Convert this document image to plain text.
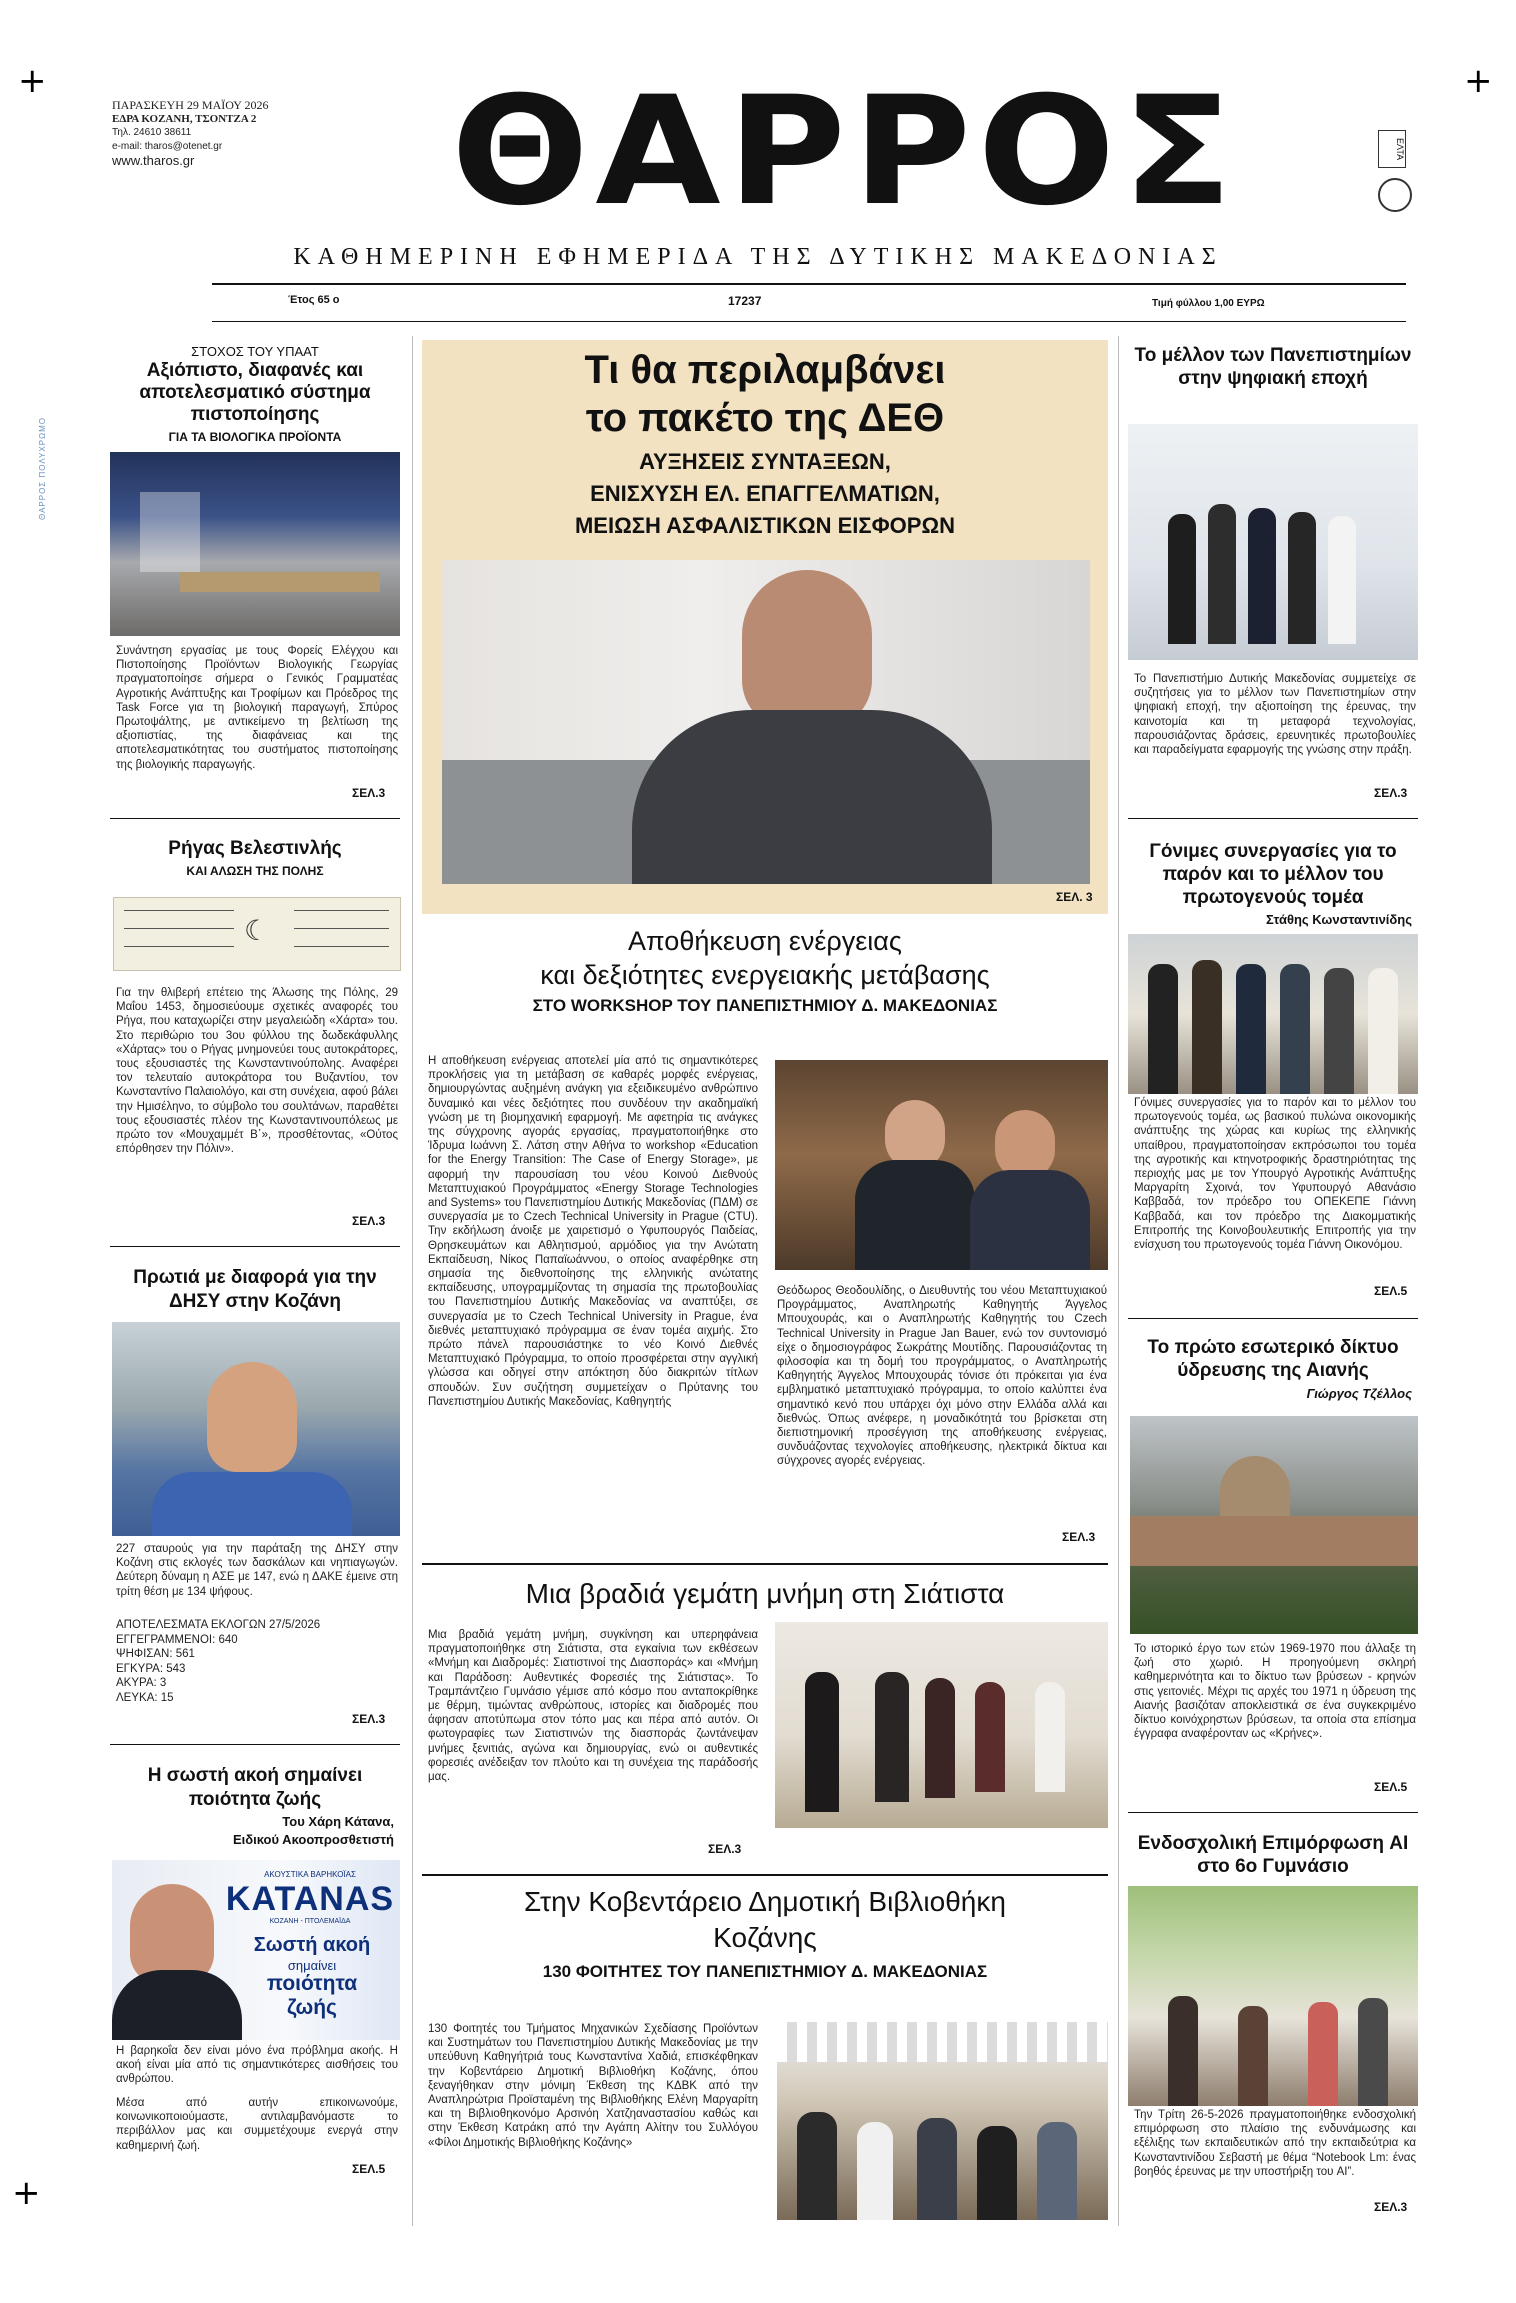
+	+
+
ΘΑΡΡΟΣ ΠΟΛΥΧΡΩΜΟ
ΠΑΡΑΣΚΕΥΗ 29 ΜΑΪΟΥ 2026
ΕΔΡΑ ΚΟΖΑΝΗ, ΤΣΟΝΤΖΑ 2
Τηλ. 24610 38611
e-mail: tharos@otenet.gr
www.tharos.gr	ΘΑΡΡΟΣ	ΕΛΤΑ
ΚΑΘΗΜΕΡΙΝΗ ΕΦΗΜΕΡΙΔΑ ΤΗΣ ΔΥΤΙΚΗΣ ΜΑΚΕΔΟΝΙΑΣ
Έτος 65 ο	17237	Τιμή φύλλου 1,00 ΕΥΡΩ
ΣΤΟΧΟΣ ΤΟΥ ΥΠΑΑΤ
Αξιόπιστο, διαφανές και αποτελεσματικό σύστημα πιστοποίησης
ΓΙΑ ΤΑ ΒΙΟΛΟΓΙΚΑ ΠΡΟΪΟΝΤΑ
Συνάντηση εργασίας με τους Φορείς Ελέγχου και Πιστοποίησης Προϊόντων Βιολογικής Γεωργίας πραγματοποίησε σήμερα ο Γενικός Γραμματέας Αγροτικής Ανάπτυξης και Τροφίμων και Πρόεδρος της Task Force για τη βιολογική παραγωγή, Σπύρος Πρωτοψάλτης, με αντικείμενο τη βελτίωση της αξιοπιστίας, της διαφάνειας και της αποτελεσματικότητας του συστήματος πιστοποίησης της βιολογικής παραγωγής.
ΣΕΛ.3
Ρήγας Βελεστινλής
ΚΑΙ ΑΛΩΣΗ ΤΗΣ ΠΟΛΗΣ
☾
Για την θλιβερή επέτειο της Άλωσης της Πόλης, 29 Μαΐου 1453, δημοσιεύουμε σχετικές αναφορές του Ρήγα, που καταχωρίζει στην μεγαλειώδη «Χάρτα» του. Στο περιθώριο του 3ου φύλλου της δωδεκάφυλλης «Χάρτας» του ο Ρήγας μνημονεύει τους αυτοκράτορες, τους εξουσιαστές της Κωνσταντινούπολης. Αναφέρει τον τελευταίο αυτοκράτορα του Βυζαντίου, τον Κωνσταντίνο Παλαιολόγο, και στη συνέχεια, αφού βάλει την Ημισέληνο, το σύμβολο του σουλτάνων, παραθέτει τους εξουσιαστές πλέον της Κωνσταντινουπόλεως με πρώτο τον «Μουχαμμέτ Β΄», προσθέτοντας, «Ούτος επόρθησεν την Πόλιν».
ΣΕΛ.3
Πρωτιά με διαφορά για την ΔΗΣΥ στην Κοζάνη
227 σταυρούς για την παράταξη της ΔΗΣΥ στην Κοζάνη στις εκλογές των δασκάλων και νηπιαγωγών. Δεύτερη δύναμη η ΑΣΕ με 147, ενώ η ΔΑΚΕ έμεινε στη τρίτη θέση με 134 ψήφους.
ΑΠΟΤΕΛΕΣΜΑΤΑ ΕΚΛΟΓΩΝ 27/5/2026
ΕΓΓΕΓΡΑΜΜΕΝΟΙ: 640
ΨΗΦΙΣΑΝ: 561
ΕΓΚΥΡΑ: 543
ΑΚΥΡΑ: 3
ΛΕΥΚΑ: 15
ΣΕΛ.3
Η σωστή ακοή σημαίνει ποιότητα ζωής
Του Χάρη Κάτανα,
Ειδικού Ακοοπροσθετιστή
ΑΚΟΥΣΤΙΚΑ ΒΑΡΗΚΟΪΑΣ
KATANAS
ΚΟΖΑΝΗ - ΠΤΟΛΕΜΑΪΔΑ
Σωστή ακοή
σημαίνει
ποιότητα
ζωής
Η βαρηκοΐα δεν είναι μόνο ένα πρόβλημα ακοής. Η ακοή είναι μία από τις σημαντικότερες αισθήσεις του ανθρώπου.
Μέσα από αυτήν επικοινωνούμε, κοινωνικοποιούμαστε, αντιλαμβανόμαστε το περιβάλλον μας και συμμετέχουμε ενεργά στην καθημερινή ζωή.
ΣΕΛ.5
Τι θα περιλαμβάνει
το πακέτο της ΔΕΘ
ΑΥΞΗΣΕΙΣ ΣΥΝΤΑΞΕΩΝ,
ΕΝΙΣΧΥΣΗ ΕΛ. ΕΠΑΓΓΕΛΜΑΤΙΩΝ,
ΜΕΙΩΣΗ ΑΣΦΑΛΙΣΤΙΚΩΝ ΕΙΣΦΟΡΩΝ
ΣΕΛ. 3
Αποθήκευση ενέργειας
και δεξιότητες ενεργειακής μετάβασης
ΣΤΟ WORKSHOP ΤΟΥ ΠΑΝΕΠΙΣΤΗΜΙΟΥ Δ. ΜΑΚΕΔΟΝΙΑΣ
Η αποθήκευση ενέργειας αποτελεί μία από τις σημαντικότερες προκλήσεις για τη μετάβαση σε καθαρές μορφές ενέργειας, δημιουργώντας αυξημένη ανάγκη για εξειδικευμένο ανθρώπινο δυναμικό και νέες δεξιότητες που συνδέουν την ακαδημαϊκή γνώση με τη βιομηχανική εφαρμογή. Με αφετηρία τις ανάγκες της σύγχρονης αγοράς εργασίας, πραγματοποιήθηκε στο Ίδρυμα Ιωάννη Σ. Λάτση στην Αθήνα το workshop «Education for the Energy Transition: The Case of Energy Storage», με αφορμή την παρουσίαση του νέου Κοινού Διεθνούς Μεταπτυχιακού Προγράμματος «Energy Storage Technologies and Systems» του Πανεπιστημίου Δυτικής Μακεδονίας (ΠΔΜ) σε συνεργασία με το Czech Technical University in Prague (CTU). Την εκδήλωση άνοιξε με χαιρετισμό ο Υφυπουργός Παιδείας, Θρησκευμάτων και Αθλητισμού, αρμόδιος για την Ανώτατη Εκπαίδευση, Νίκος Παπαϊωάννου, ο οποίος αναφέρθηκε στη σημασία της διεθνοποίησης της ελληνικής ανώτατης εκπαίδευσης, υπογραμμίζοντας τη σημασία της πρωτοβουλίας του Πανεπιστημίου Δυτικής Μακεδονίας να αναπτύξει, σε συνεργασία με το Czech Technical University in Prague, ένα διεθνές μεταπτυχιακό πρόγραμμα σε έναν τομέα αιχμής. Στο πρώτο πάνελ παρουσιάστηκε το νέο Κοινό Διεθνές Μεταπτυχιακό Πρόγραμμα, το οποίο προσφέρεται στην αγγλική γλώσσα και οδηγεί στην απόκτηση δύο διακριτών τίτλων σπουδών. Συν συζήτηση συμμετείχαν ο Πρύτανης του Πανεπιστημίου Δυτικής Μακεδονίας, Καθηγητής
Θεόδωρος Θεοδουλίδης, ο Διευθυντής του νέου Μεταπτυχιακού Προγράμματος, Αναπληρωτής Καθηγητής Άγγελος Μπουχουράς, και ο Αναπληρωτής Καθηγητής του Czech Technical University in Prague Jan Bauer, ενώ τον συντονισμό είχε ο δημοσιογράφος Σωκράτης Μουτίδης. Παρουσιάζοντας τη φιλοσοφία και τη δομή του προγράμματος, ο Αναπληρωτής Καθηγητής Άγγελος Μπουχουράς τόνισε ότι πρόκειται για ένα εμβληματικό μεταπτυχιακό πρόγραμμα, το οποίο καλύπτει ένα σημαντικό κενό που υπάρχει όχι μόνο στην Ελλάδα αλλά και διεθνώς. Όπως ανέφερε, η μοναδικότητά του βρίσκεται στη διεπιστημονική προσέγγιση της αποθήκευσης ενέργειας, συνδυάζοντας τεχνολογίες αποθήκευσης, ηλεκτρικά δίκτυα και σύγχρονες αγορές ενέργειας.
ΣΕΛ.3
Μια βραδιά γεμάτη μνήμη στη Σιάτιστα
Μια βραδιά γεμάτη μνήμη, συγκίνηση και υπερηφάνεια πραγματοποιήθηκε στη Σιάτιστα, στα εγκαίνια των εκθέσεων «Μνήμη και Διαδρομές: Σιατιστινοί της Διασποράς» και «Μνήμη και Παράδοση: Αυθεντικές Φορεσιές της Σιάτιστας». Το Τραμπάντζειο Γυμνάσιο γέμισε από κόσμο που ανταποκρίθηκε με θέρμη, τιμώντας ανθρώπους, ιστορίες και διαδρομές που άφησαν αποτύπωμα στον τόπο μας και πέρα από αυτόν. Οι φωτογραφίες των Σιατιστινών της διασποράς ζωντάνεψαν μνήμες ξενιτιάς, αγώνα και δημιουργίας, ενώ οι αυθεντικές φορεσιές ανέδειξαν τον πλούτο και τη συνέχεια της παράδοσής μας.
ΣΕΛ.3
Στην Κοβεντάρειο Δημοτική Βιβλιοθήκη
Κοζάνης
130 ΦΟΙΤΗΤΕΣ ΤΟΥ ΠΑΝΕΠΙΣΤΗΜΙΟΥ Δ. ΜΑΚΕΔΟΝΙΑΣ
130 Φοιτητές του Τμήματος Μηχανικών Σχεδίασης Προϊόντων και Συστημάτων του Πανεπιστημίου Δυτικής Μακεδονίας με την υπεύθυνη Καθηγήτριά τους Κωνσταντίνα Χαδιά, επισκέφθηκαν την Κοβεντάρειο Δημοτική Βιβλιοθήκη Κοζάνης, όπου ξεναγήθηκαν στην μόνιμη Έκθεση της ΚΔΒΚ από την Αναπληρώτρια Προϊσταμένη της Βιβλιοθήκης Ελένη Μαργαρίτη και τη Βιβλιοθηκονόμο Αρσινόη Χατζηαναστασίου καθώς και στην Έκθεση Κατράκη από την Αγάπη Αλίτην του Συλλόγου «Φίλοι Δημοτικής Βιβλιοθήκης Κοζάνης»
Το μέλλον των Πανεπιστημίων στην ψηφιακή εποχή
Το Πανεπιστήμιο Δυτικής Μακεδονίας συμμετείχε σε συζητήσεις για το μέλλον των Πανεπιστημίων στην ψηφιακή εποχή, την αξιοποίηση της έρευνας, την καινοτομία και τη μεταφορά τεχνολογίας, παρουσιάζοντας δράσεις, ερευνητικές πρωτοβουλίες και παραδείγματα εφαρμογής της γνώσης στην πράξη.
ΣΕΛ.3
Γόνιμες συνεργασίες για το παρόν και το μέλλον του πρωτογενούς τομέα
Στάθης Κωνσταντινίδης
Γόνιμες συνεργασίες για το παρόν και το μέλλον του πρωτογενούς τομέα, ως βασικού πυλώνα οικονομικής ανάπτυξης της χώρας και κυρίως της ελληνικής υπαίθρου, πραγματοποίησαν εκπρόσωποι του τομέα της αγροτικής και κτηνοτροφικής δραστηριότητας της περιοχής μας με τον Υπουργό Αγροτικής Ανάπτυξης Μαργαρίτη Σχοινά, τον Υφυπουργό Αθανάσιο Καββαδά, τον πρόεδρο του ΟΠΕΚΕΠΕ Γιάννη Καββαδά, και τον πρόεδρο της Διακομματικής Επιτροπής της Κοινοβουλευτικής Επιτροπής για την ενίσχυση του πρωτογενούς τομέα Γιάννη Οικονόμου.
ΣΕΛ.5
Το πρώτο εσωτερικό δίκτυο ύδρευσης της Αιανής
Γιώργος Τζέλλος
Το ιστορικό έργο των ετών 1969-1970 που άλλαξε τη ζωή στο χωριό. Η προηγούμενη σκληρή καθημερινότητα και το δίκτυο των βρύσεων - κρηνών στις γειτονιές. Μέχρι τις αρχές του 1971 η ύδρευση της Αιανής βασιζόταν αποκλειστικά σε ένα συγκεκριμένο δίκτυο κοινόχρηστων βρύσεων, τα οποία στα επίσημα έγγραφα αναφέρονταν ως «Κρήνες».
ΣΕΛ.5
Ενδοσχολική Επιμόρφωση AI στο 6ο Γυμνάσιο
Την Τρίτη 26-5-2026 πραγματοποιήθηκε ενδοσχολική επιμόρφωση στο πλαίσιο της ενδυνάμωσης και εξέλιξης των εκπαιδευτικών από την εκπαιδεύτρια κα Κωνσταντινίδου Σεβαστή με θέμα “Notebook Lm: ένας βοηθός έρευνας με την υποστήριξη του AI”.
ΣΕΛ.3
